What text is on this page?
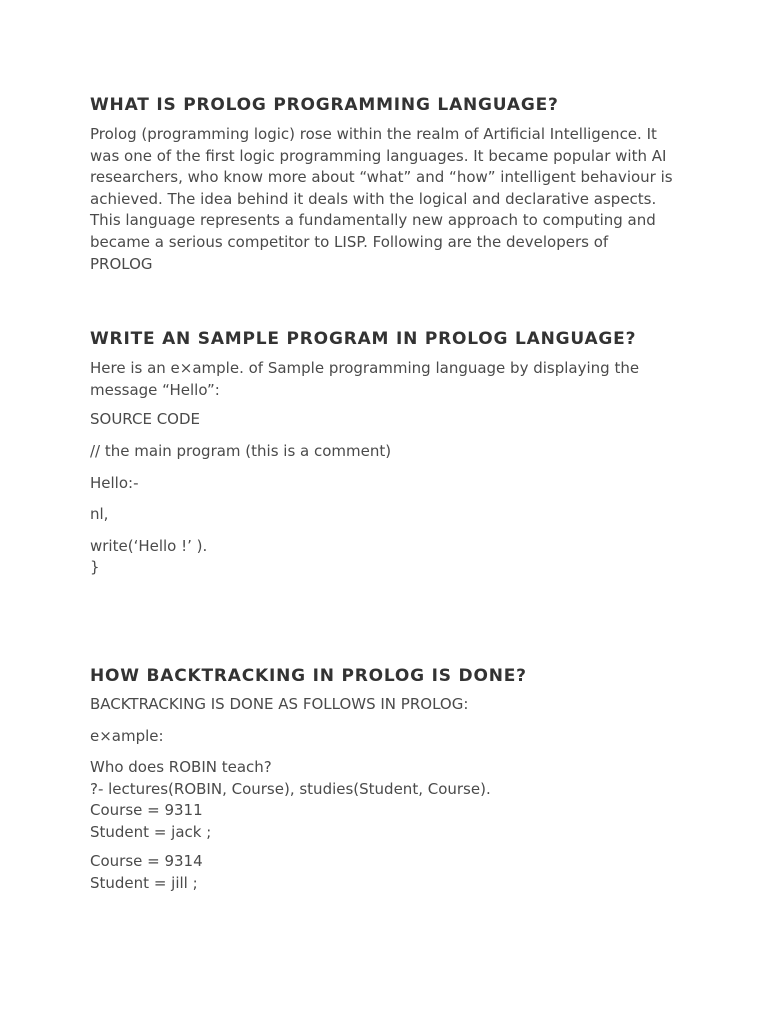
WHAT IS PROLOG PROGRAMMING LANGUAGE?

Prolog (programming logic) rose within the realm of Artificial Intelligence. It
was one of the first logic programming languages. It became popular with AI
researchers, who know more about “what” and “how” intelligent behaviour is
achieved. The idea behind it deals with the logical and declarative aspects.
This language represents a fundamentally new approach to computing and
became a serious competitor to LISP. Following are the developers of
PROLOG

WRITE AN SAMPLE PROGRAM IN PROLOG LANGUAGE?

Here is an e×ample. of Sample programming language by displaying the
message “Hello”:

SOURCE CODE

// the main program (this is a comment)

Hello:-

nl,

write(‘Hello !’ ).
}

HOW BACKTRACKING IN PROLOG IS DONE?

BACKTRACKING IS DONE AS FOLLOWS IN PROLOG:

e×ample:

Who does ROBIN teach?
?- lectures(ROBIN, Course), studies(Student, Course).
Course = 9311
Student = jack ;

Course = 9314
Student = jill ;
